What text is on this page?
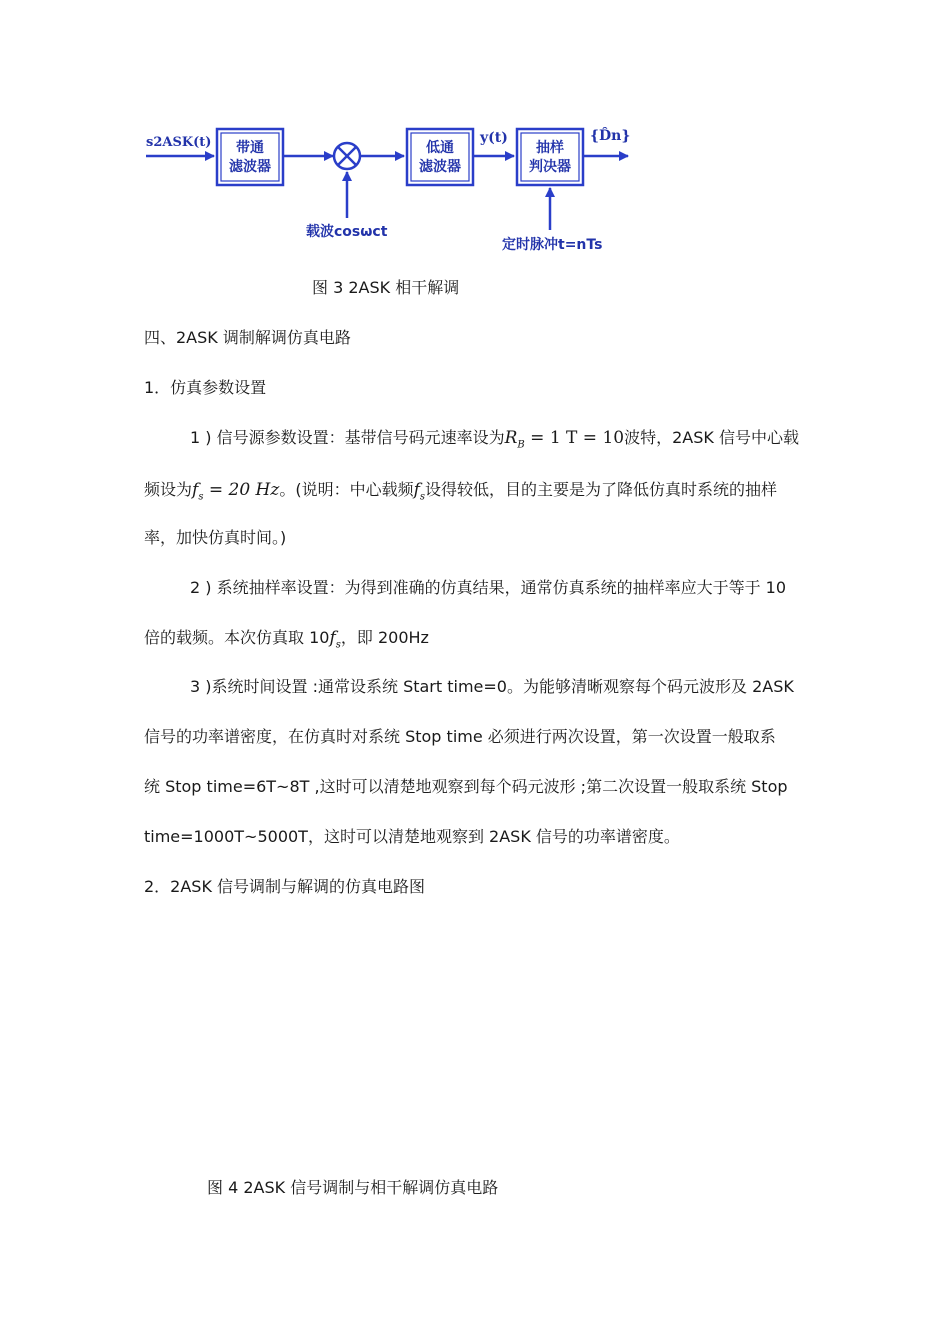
s2ASK(t) 带通
滤波器
低通
滤波器
抽样
判决器
y(t)	{D̂n}
载波cosωct
定时脉冲t=nTs
图 3 2ASK 相干解调
四、2ASK 调制解调仿真电路
1．仿真参数设置
1 ) 信号源参数设置：基带信号码元速率设为$R_B = 1$ T = 10波特，2ASK 信号中心载
频设为$f_s = 20$ Hz。(说明：中心载频$f_s$设得较低，目的主要是为了降低仿真时系统的抽样
率，加快仿真时间。)
2 ) 系统抽样率设置：为得到准确的仿真结果，通常仿真系统的抽样率应大于等于 10
倍的载频。本次仿真取 $10f_s$，即 200Hz
3 )系统时间设置 :通常设系统 Start time=0。为能够清晰观察每个码元波形及 2ASK
信号的功率谱密度，在仿真时对系统 Stop time 必须进行两次设置，第一次设置一般取系
统 Stop time=6T~8T ,这时可以清楚地观察到每个码元波形 ;第二次设置一般取系统 Stop
time=1000T~5000T，这时可以清楚地观察到 2ASK 信号的功率谱密度。
2．2ASK 信号调制与解调的仿真电路图
图 4 2ASK 信号调制与相干解调仿真电路
